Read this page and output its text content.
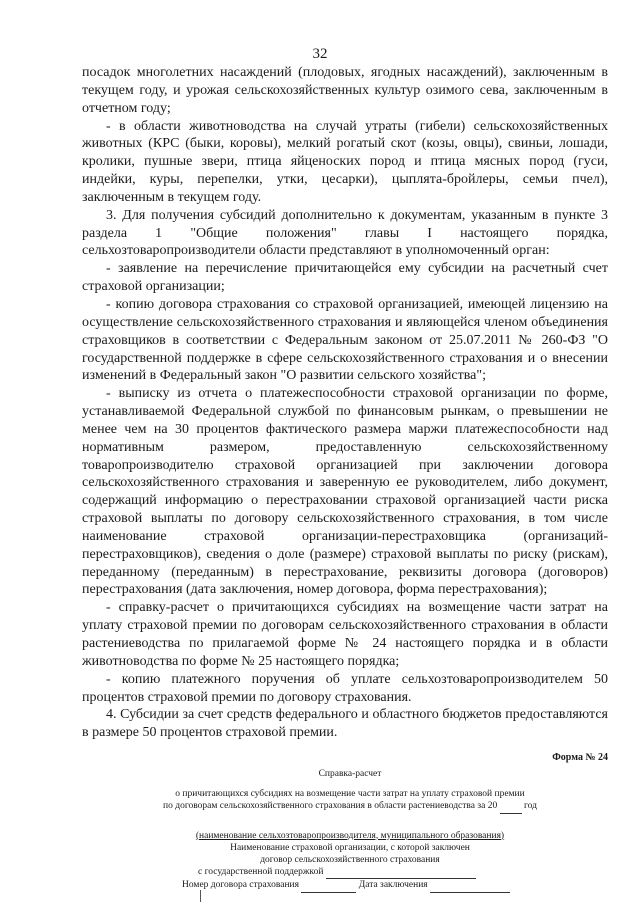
32

посадок многолетних насаждений (плодовых, ягодных насаждений), заключенным в текущем году, и урожая сельскохозяйственных культур озимого сева, заключенным в отчетном году;

- в области животноводства на случай утраты (гибели) сельскохозяйственных животных (КРС (быки, коровы), мелкий рогатый скот (козы, овцы), свиньи, лошади, кролики, пушные звери, птица яйценоских пород и птица мясных пород (гуси, индейки, куры, перепелки, утки, цесарки), цыплята-бройлеры, семьи пчел), заключенным в текущем году.

3. Для получения субсидий дополнительно к документам, указанным в пункте 3 раздела 1 "Общие положения" главы I настоящего порядка, сельхозтоваропроизводители области представляют в уполномоченный орган:

- заявление на перечисление причитающейся ему субсидии на расчетный счет страховой организации;

- копию договора страхования со страховой организацией, имеющей лицензию на осуществление сельскохозяйственного страхования и являющейся членом объединения страховщиков в соответствии с Федеральным законом от 25.07.2011 № 260-ФЗ "О государственной поддержке в сфере сельскохозяйственного страхования и о внесении изменений в Федеральный закон "О развитии сельского хозяйства";

- выписку из отчета о платежеспособности страховой организации по форме, устанавливаемой Федеральной службой по финансовым рынкам, о превышении не менее чем на 30 процентов фактического размера маржи платежеспособности над нормативным размером, предоставленную сельскохозяйственному товаропроизводителю страховой организацией при заключении договора сельскохозяйственного страхования и заверенную ее руководителем, либо документ, содержащий информацию о перестраховании страховой организацией части риска страховой выплаты по договору сельскохозяйственного страхования, в том числе наименование страховой организации-перестраховщика (организаций-перестраховщиков), сведения о доле (размере) страховой выплаты по риску (рискам), переданному (переданным) в перестрахование, реквизиты договора (договоров) перестрахования (дата заключения, номер договора, форма перестрахования);

- справку-расчет о причитающихся субсидиях на возмещение части затрат на уплату страховой премии по договорам сельскохозяйственного страхования в области растениеводства по прилагаемой форме № 24 настоящего порядка и в области животноводства по форме № 25 настоящего порядка;

- копию платежного поручения об уплате сельхозтоваропроизводителем 50 процентов страховой премии по договору страхования.

4. Субсидии за счет средств федерального и областного бюджетов предоставляются в размере 50 процентов страховой премии.

Форма № 24
Справка-расчет
о причитающихся субсидиях на возмещение части затрат на уплату страховой премии
по договорам сельскохозяйственного страхования в области растениеводства за 20	год
(наименование сельхозтоваропроизводителя, муниципального образования)
Наименование страховой организации, с которой заключен
договор сельскохозяйственного страхования
с государственной поддержкой
Номер договора страхования	Дата заключения
